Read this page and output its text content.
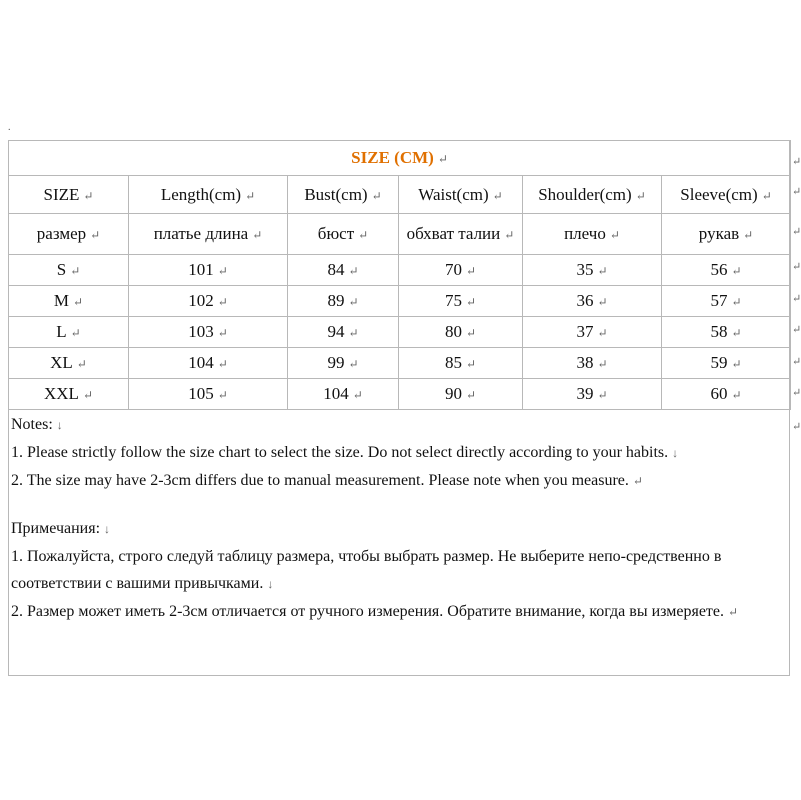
.
SIZE (CM) ↵					
SIZE ↵	Length(cm) ↵	Bust(cm) ↵	Waist(cm) ↵	Shoulder(cm) ↵	Sleeve(cm) ↵
размер ↵	платье длина ↵	бюст ↵	обхват талии ↵	плечо ↵	рукав ↵
S ↵	101 ↵	84 ↵	70 ↵	35 ↵	56 ↵
M ↵	102 ↵	89 ↵	75 ↵	36 ↵	57 ↵
L ↵	103 ↵	94 ↵	80 ↵	37 ↵	58 ↵
XL ↵	104 ↵	99 ↵	85 ↵	38 ↵	59 ↵
XXL ↵	105 ↵	104 ↵	90 ↵	39 ↵	60 ↵

Notes: ↓

1. Please strictly follow the size chart to select the size. Do not select directly according to your habits. ↓

2. The size may have 2-3cm differs due to manual measurement. Please note when you measure. ↵

Примечания: ↓

1. Пожалуйста, строго следуй таблицу размера, чтобы выбрать размер. Не выберите непо-средственно в соответствии с вашими привычками. ↓

2. Размер может иметь 2-3см отличается от ручного измерения. Обратите внимание, когда вы измеряете. ↵

↵
↵
↵
↵
↵
↵
↵
↵
↵
